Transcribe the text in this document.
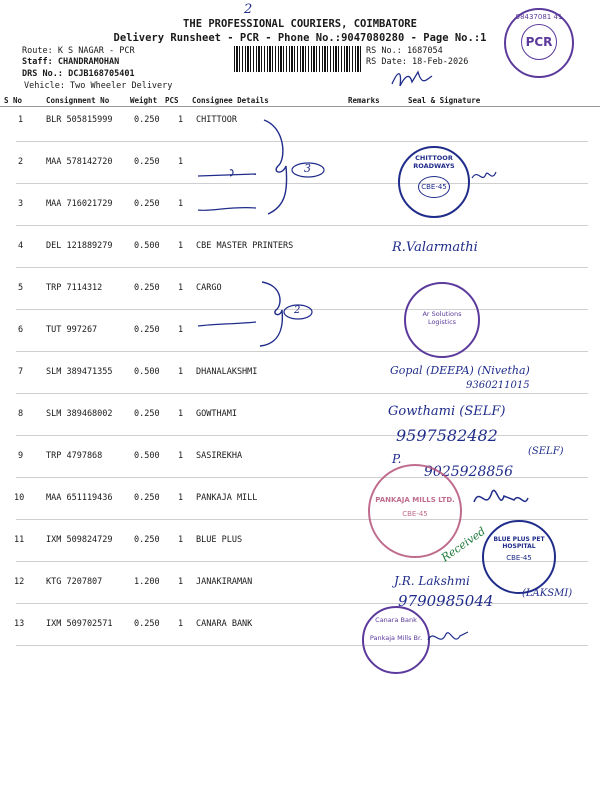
THE PROFESSIONAL COURIERS, COIMBATORE
Delivery Runsheet - PCR - Phone No.:9047080280 - Page No.:1
2
Route: K S NAGAR - PCR
Staff: CHANDRAMOHAN
DRS No.: DCJB168705401
Vehicle: Two Wheeler Delivery
RS No.: 1687054
RS Date: 18-Feb-2026
98437081 41
PCR
S No	Consignment No	Weight PCS Consignee Details	Remarks	Seal & Signature
1	BLR 505815999	0.250 1 CHITTOOR
2	MAA 578142720	0.250 1
3	MAA 716021729	0.250 1
4	DEL 121889279	0.500 1 CBE MASTER PRINTERS
5	TRP 7114312	0.250 1 CARGO
6	TUT 997267	0.250 1
7	SLM 389471355	0.500 1 DHANALAKSHMI
8	SLM 389468002	0.250 1 GOWTHAMI
9	TRP 4797868	0.500 1 SASIREKHA
10	MAA 651119436	0.250 1 PANKAJA MILL
11	IXM 509824729	0.250 1 BLUE PLUS
12	KTG 7207807	1.200 1 JANAKIRAMAN
13	IXM 509702571	0.250 1 CANARA BANK
3
2
CHITTOOR ROADWAYS
CBE-45
R.Valarmathi
Ar Solutions Logistics
Gopal (DEEPA) (Nivetha)
9360211015
Gowthami (SELF)
9597582482
(SELF)
P.
9025928856
PANKAJA MILLS LTD.
CBE-45
Received BLUE PLUS PET HOSPITAL
CBE-45
J.R. Lakshmi
(LAKSMI)
9790985044
Canara Bank
Pankaja Mills Br.
